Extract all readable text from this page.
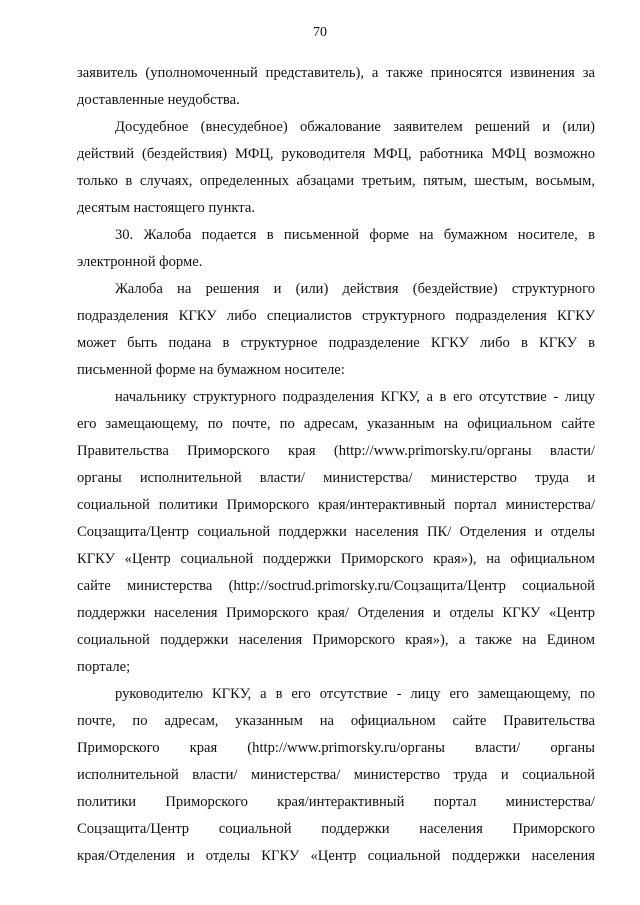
70
заявитель (уполномоченный представитель), а также приносятся извинения за
доставленные неудобства.
Досудебное (внесудебное) обжалование заявителем решений и (или)
действий (бездействия) МФЦ, руководителя МФЦ, работника МФЦ возможно
только в случаях, определенных абзацами третьим, пятым, шестым, восьмым,
десятым настоящего пункта.
30. Жалоба подается в письменной форме на бумажном носителе, в
электронной форме.
Жалоба на решения и (или) действия (бездействие) структурного
подразделения КГКУ либо специалистов структурного подразделения КГКУ
может быть подана в структурное подразделение КГКУ либо в КГКУ в
письменной форме на бумажном носителе:
начальнику структурного подразделения КГКУ, а в его отсутствие - лицу
его замещающему, по почте, по адресам, указанным на официальном сайте
Правительства Приморского края (http://www.primorsky.ru/органы власти/
органы исполнительной власти/ министерства/ министерство труда и
социальной политики Приморского края/интерактивный портал министерства/
Соцзащита/Центр социальной поддержки населения ПК/ Отделения и отделы
КГКУ «Центр социальной поддержки Приморского края»), на официальном
сайте министерства (http://soctrud.primorsky.ru/Соцзащита/Центр социальной
поддержки населения Приморского края/ Отделения и отделы КГКУ «Центр
социальной поддержки населения Приморского края»), а также на Едином
портале;
руководителю КГКУ, а в его отсутствие - лицу его замещающему, по
почте, по адресам, указанным на официальном сайте Правительства
Приморского края (http://www.primorsky.ru/органы власти/ органы
исполнительной власти/ министерства/ министерство труда и социальной
политики Приморского края/интерактивный портал министерства/
Соцзащита/Центр социальной поддержки населения Приморского
края/Отделения и отделы КГКУ «Центр социальной поддержки населения
